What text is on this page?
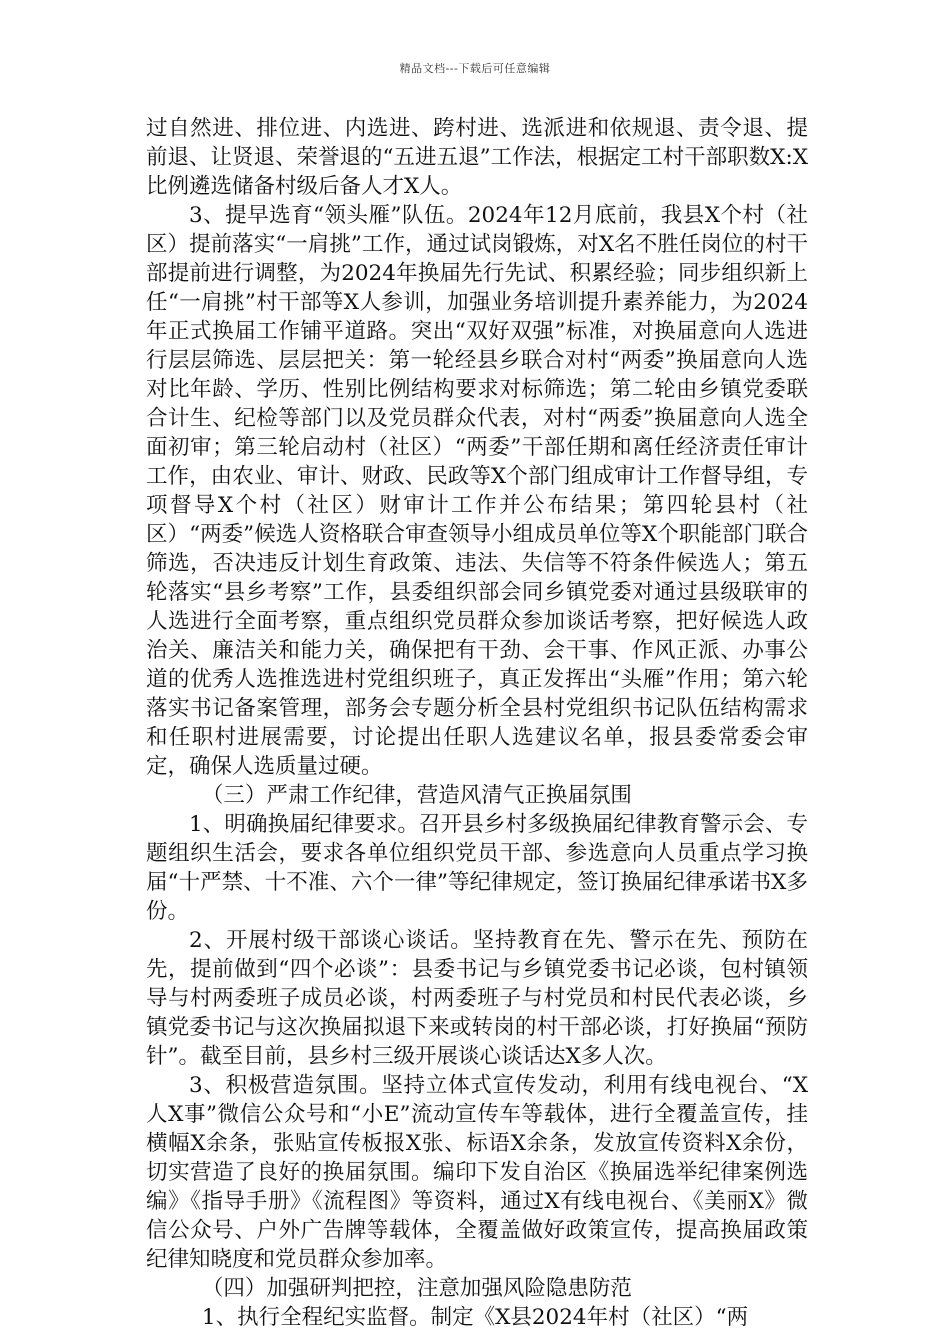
精品文档---下载后可任意编辑

过自然进、排位进、内选进、跨村进、选派进和依规退、责令退、提前退、让贤退、荣誉退的“五进五退”工作法，根据定工村干部职数X:X比例遴选储备村级后备人才X人。

3、提早选育“领头雁”队伍。2024年12月底前，我县X个村（社区）提前落实“一肩挑”工作，通过试岗锻炼，对X名不胜任岗位的村干部提前进行调整，为2024年换届先行先试、积累经验；同步组织新上任“一肩挑”村干部等X人参训，加强业务培训提升素养能力，为2024年正式换届工作铺平道路。突出“双好双强”标准，对换届意向人选进行层层筛选、层层把关：第一轮经县乡联合对村“两委”换届意向人选对比年龄、学历、性别比例结构要求对标筛选；第二轮由乡镇党委联合计生、纪检等部门以及党员群众代表，对村“两委”换届意向人选全面初审；第三轮启动村（社区）“两委”干部任期和离任经济责任审计工作，由农业、审计、财政、民政等X个部门组成审计工作督导组，专项督导X个村（社区）财审计工作并公布结果；第四轮县村（社区）“两委”候选人资格联合审查领导小组成员单位等X个职能部门联合筛选，否决违反计划生育政策、违法、失信等不符条件候选人；第五轮落实“县乡考察”工作，县委组织部会同乡镇党委对通过县级联审的人选进行全面考察，重点组织党员群众参加谈话考察，把好候选人政治关、廉洁关和能力关，确保把有干劲、会干事、作风正派、办事公道的优秀人选推选进村党组织班子，真正发挥出“头雁”作用；第六轮落实书记备案管理，部务会专题分析全县村党组织书记队伍结构需求和任职村进展需要，讨论提出任职人选建议名单，报县委常委会审定，确保人选质量过硬。

（三）严肃工作纪律，营造风清气正换届氛围

1、明确换届纪律要求。召开县乡村多级换届纪律教育警示会、专题组织生活会，要求各单位组织党员干部、参选意向人员重点学习换届“十严禁、十不准、六个一律”等纪律规定，签订换届纪律承诺书X多份。

2、开展村级干部谈心谈话。坚持教育在先、警示在先、预防在先，提前做到“四个必谈”：县委书记与乡镇党委书记必谈，包村镇领导与村两委班子成员必谈，村两委班子与村党员和村民代表必谈，乡镇党委书记与这次换届拟退下来或转岗的村干部必谈，打好换届“预防针”。截至目前，县乡村三级开展谈心谈话达X多人次。

3、积极营造氛围。坚持立体式宣传发动，利用有线电视台、“X人X事”微信公众号和“小E”流动宣传车等载体，进行全覆盖宣传，挂横幅X余条，张贴宣传板报X张、标语X余条，发放宣传资料X余份，切实营造了良好的换届氛围。编印下发自治区《换届选举纪律案例选编》《指导手册》《流程图》等资料，通过X有线电视台、《美丽X》微信公众号、户外广告牌等载体，全覆盖做好政策宣传，提高换届政策纪律知晓度和党员群众参加率。

（四）加强研判把控，注意加强风险隐患防范

1、执行全程纪实监督。制定《X县2024年村（社区）“两
